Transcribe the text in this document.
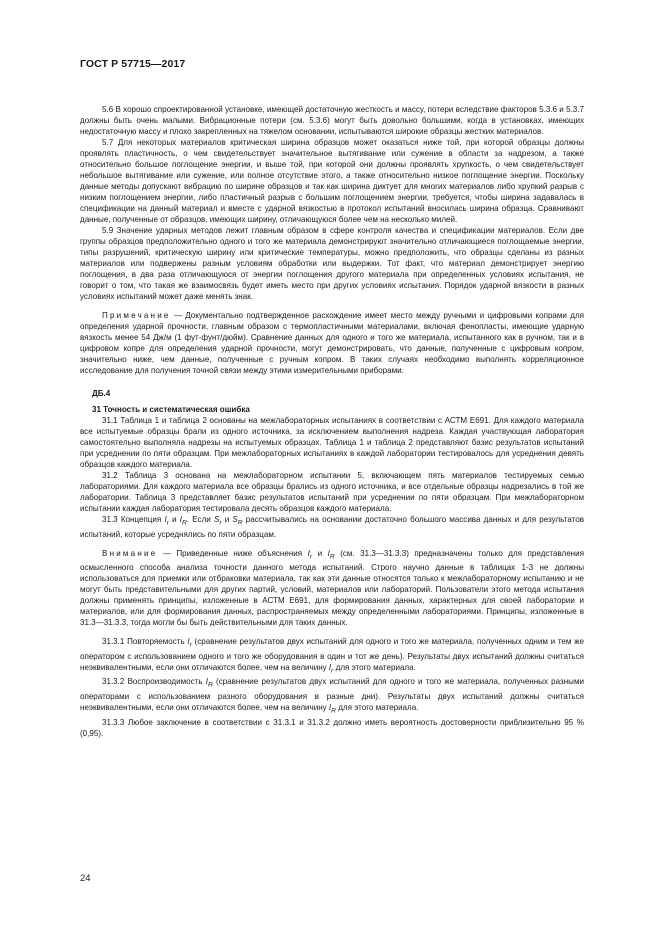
ГОСТ Р 57715—2017

5.6 В хорошо спроектированной установке, имеющей достаточную жесткость и массу, потери вследствие факторов 5.3.6 и 5.3.7 должны быть очень малыми. Вибрационные потери (см. 5.3.6) могут быть довольно большими, когда в установках, имеющих недостаточную массу и плохо закрепленных на тяжелом основании, испытываются широкие образцы жестких материалов.

5.7 Для некоторых материалов критическая ширина образцов может оказаться ниже той, при которой образцы должны проявлять пластичность, о чем свидетельствует значительное вытягивание или сужение в области за надрезом, а также относительно большое поглощение энергии, и выше той, при которой они должны проявлять хрупкость, о чем свидетельствует небольшое вытягивание или сужение, или полное отсутствие этого, а также относительно низкое поглощение энергии. Поскольку данные методы допускают вибрацию по ширине образцов и так как ширина диктует для многих материалов либо хрупкий разрыв с низким поглощением энергии, либо пластичный разрыв с большим поглощением энергии, требуется, чтобы ширина задавалась в спецификации на данный материал и вместе с ударной вязкостью в протокол испытаний вносилась ширина образца. Сравнивают данные, полученные от образцов, имеющих ширину, отличающуюся более чем на несколько милей.

5.9 Значение ударных методов лежит главным образом в сфере контроля качества и спецификации материалов. Если две группы образцов предположительно одного и того же материала демонстрируют значительно отличающиеся поглощаемые энергии, типы разрушений, критическую ширину или критические температуры, можно предположить, что образцы сделаны из разных материалов или подвержены разным условиям обработки или выдержки. Тот факт, что материал демонстрирует энергию поглощения, в два раза отличающуюся от энергии поглощения другого материала при определенных условиях испытания, не говорит о том, что такая же взаимосвязь будет иметь место при других условиях испытания. Порядок ударной вязкости в разных условиях испытаний может даже менять знак.

Примечание — Документально подтвержденное расхождение имеет место между ручными и цифровыми копрами для определения ударной прочности, главным образом с термопластичными материалами, включая фенопласты, имеющие ударную вязкость менее 54 Дж/м (1 фут-фунт/дюйм). Сравнение данных для одного и того же материала, испытанного как в ручном, так и в цифровом копре для определения ударной прочности, могут демонстрировать, что данные, полученные с цифровым копром, значительно ниже, чем данные, полученные с ручным копром. В таких случаях необходимо выполнять корреляционное исследование для получения точной связи между этими измерительными приборами.

ДБ.4

31 Точность и систематическая ошибка

31.1 Таблица 1 и таблица 2 основаны на межлабораторных испытаниях в соответствии с АСТМ Е691. Для каждого материала все испытуемые образцы брали из одного источника, за исключением выполнения надреза. Каждая участвующая лаборатория самостоятельно выполняла надрезы на испытуемых образцах. Таблица 1 и таблица 2 представляют базис результатов испытаний при усреднении по пяти образцам. При межлабораторных испытаниях в каждой лаборатории тестировалось для усреднения девять образцов каждого материала.

31.2 Таблица 3 основана на межлабораторном испытании 5, включающем пять материалов тестируемых семью лабораториями. Для каждого материала все образцы брались из одного источника, и все отдельные образцы надрезались в той же лаборатории. Таблица 3 представляет базис результатов испытаний при усреднении по пяти образцам. При межлабораторном испытании каждая лаборатория тестировала десять образцов каждого материала.

31.3 Концепция $I_r$ и $I_R$. Если $S_r$ и $S_R$ рассчитывались на основании достаточно большого массива данных и для результатов испытаний, которые усреднялись по пяти образцам.

Внимание — Приведенные ниже объяснения $I_r$ и $I_R$ (см. 31.3—31.3.3) предназначены только для представления осмысленного способа анализа точности данного метода испытаний. Строго научно данные в таблицах 1-3 не должны использоваться для приемки или отбраковки материала, так как эти данные относятся только к межлабораторному испытанию и не могут быть представительными для других партий, условий, материалов или лабораторий. Пользователи этого метода испытания должны применять принципы, изложенные в АСТМ Е691, для формирования данных, характерных для своей лаборатории и материалов, или для формирования данных, распространяемых между определенными лабораториями. Принципы, изложенные в 31.3—31.3.3, тогда могли бы быть действительными для таких данных.

31.3.1 Повторяемость $I_r$ (сравнение результатов двух испытаний для одного и того же материала, полученных одним и тем же оператором с использованием одного и того же оборудования в один и тот же день). Результаты двух испытаний должны считаться неэквивалентными, если они отличаются более, чем на величину $I_r$ для этого материала.

31.3.2 Воспроизводимость $I_R$ (сравнение результатов двух испытаний для одного и того же материала, полученных разными операторами с использованием разного оборудования в разные дни). Результаты двух испытаний должны считаться неэквивалентными, если они отличаются более, чем на величину $I_R$ для этого материала.

31.3.3 Любое заключение в соответствии с 31.3.1 и 31.3.2 должно иметь вероятность достоверности приблизительно 95 % (0,95).

24
